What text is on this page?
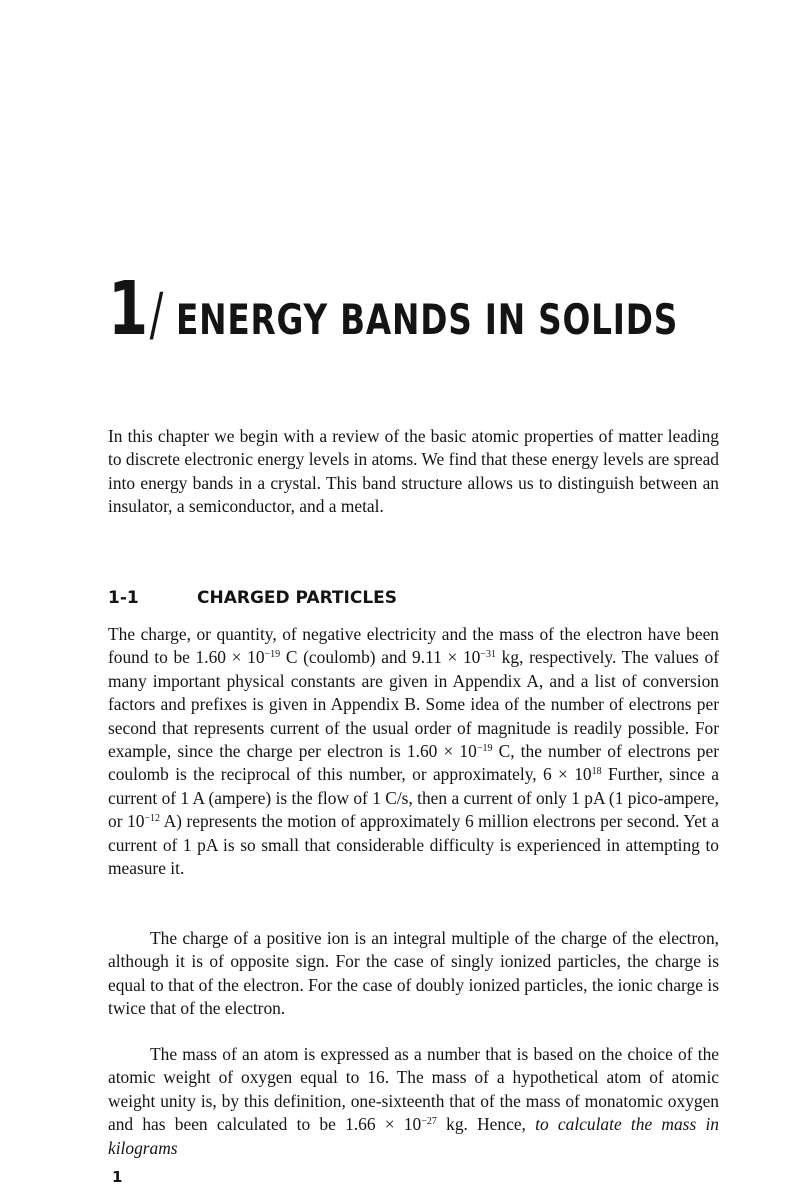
1 / ENERGY BANDS IN SOLIDS

In this chapter we begin with a review of the basic atomic properties of matter leading to discrete electronic energy levels in atoms. We find that these energy levels are spread into energy bands in a crystal. This band structure allows us to distinguish between an insulator, a semiconductor, and a metal.

1-1	CHARGED PARTICLES

The charge, or quantity, of negative electricity and the mass of the electron have been found to be $1.60 \times 10^{-19}$ C (coulomb) and $9.11 \times 10^{-31}$ kg, respectively. The values of many important physical constants are given in Appendix A, and a list of conversion factors and prefixes is given in Appendix B. Some idea of the number of electrons per second that represents current of the usual order of magnitude is readily possible. For example, since the charge per electron is $1.60 \times 10^{-19}$ C, the number of electrons per coulomb is the reciprocal of this number, or approximately, $6 \times 10^{18}$ Further, since a current of 1 A (ampere) is the flow of 1 C/s, then a current of only 1 pA (1 pico-ampere, or $10^{-12}$ A) represents the motion of approximately 6 million electrons per second. Yet a current of 1 pA is so small that considerable difficulty is experienced in attempting to measure it.

The charge of a positive ion is an integral multiple of the charge of the electron, although it is of opposite sign. For the case of singly ionized particles, the charge is equal to that of the electron. For the case of doubly ionized particles, the ionic charge is twice that of the electron.

The mass of an atom is expressed as a number that is based on the choice of the atomic weight of oxygen equal to 16. The mass of a hypothetical atom of atomic weight unity is, by this definition, one-sixteenth that of the mass of monatomic oxygen and has been calculated to be $1.66 \times 10^{-27}$ kg. Hence, to calculate the mass in kilograms

1
